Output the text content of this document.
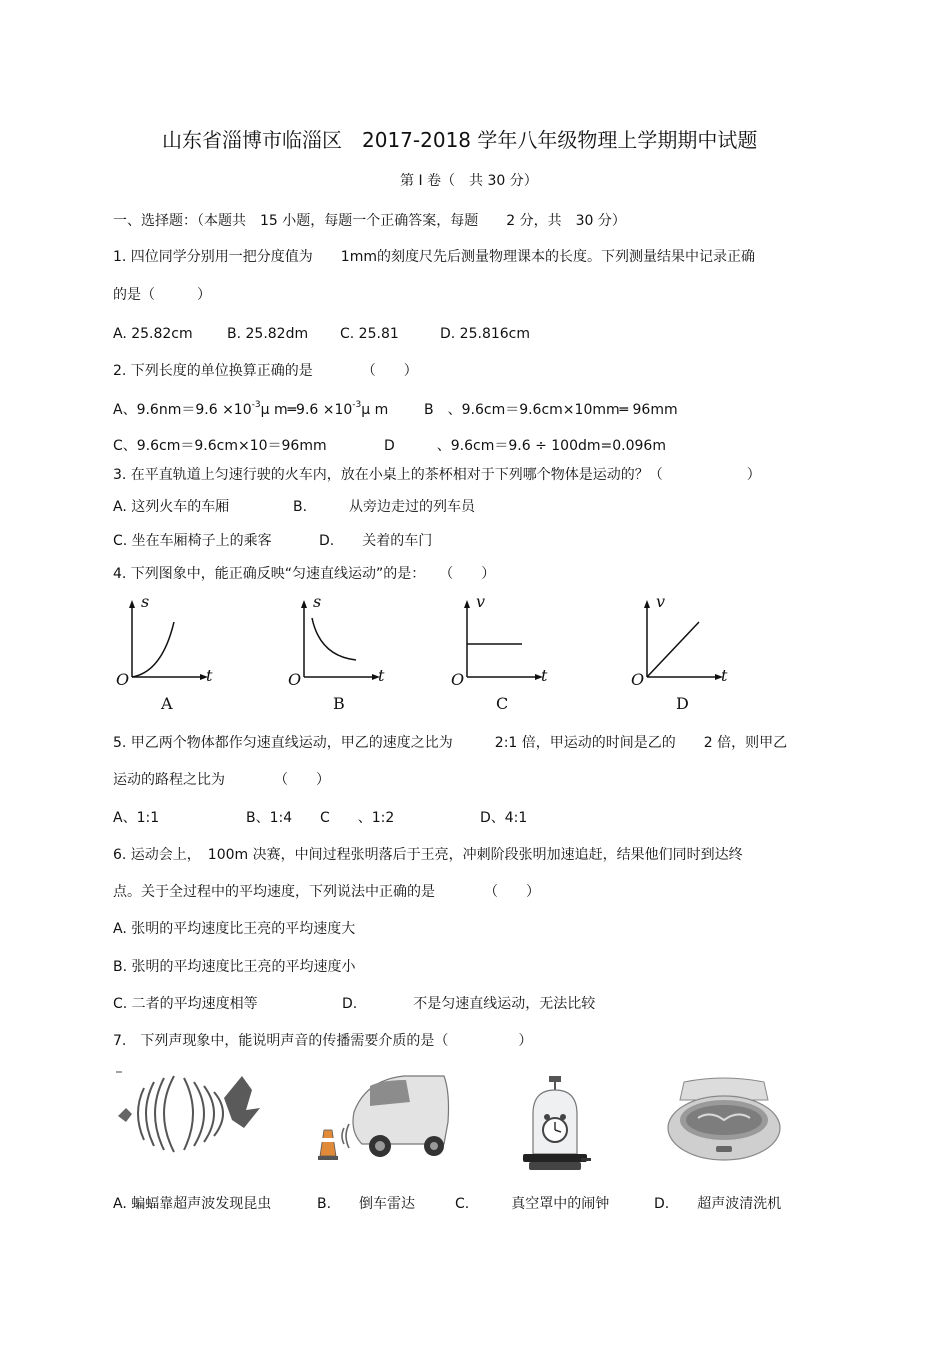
山东省淄博市临淄区　2017-2018 学年八年级物理上学期期中试题
第 Ⅰ 卷（　共 30 分）
一、选择题：（本题共　15 小题，每题一个正确答案，每题　　2 分，共　30 分）
1. 四位同学分别用一把分度值为　　1mm的刻度尺先后测量物理课本的长度。下列测量结果中记录正确
的是（　　　）
A. 25.82cm B. 25.82dm C. 25.81	D. 25.816cm
2. 下列长度的单位换算正确的是　　　　（　　）
A、$9.6nm=9.6 \times 10^{-3}\mu$ m═9.6 $\times 10^{-3}\mu$ m	B　、9.6cm＝9.6cm×10mm═ 96mm
C、9.6cm＝9.6cm×10＝96mm	D　　　、9.6cm＝9.6 ÷ 100dm=0.096m
3. 在平直轨道上匀速行驶的火车内，放在小桌上的茶杯相对于下列哪个物体是运动的？（　　　　　　）
A. 这列火车的车厢	B.　　　从旁边走过的列车员
C. 坐在车厢椅子上的乘客	D.　　关着的车门
4. 下列图象中，能正确反映“匀速直线运动”的是：　　（　　）
s
t
O
A
s
t
O
B
v
t
O
C
v
t
O
D
5. 甲乙两个物体都作匀速直线运动，甲乙的速度之比为　　　2:1 倍，甲运动的时间是乙的　　2 倍，则甲乙
运动的路程之比为　　　　（　　）
A、1:1	B、1:4 C　　、1:2	D、4:1
6. 运动会上，　100m 决赛，中间过程张明落后于王亮，冲刺阶段张明加速追赶，结果他们同时到达终
点。关于全过程中的平均速度，下列说法中正确的是　　　　（　　）
A. 张明的平均速度比王亮的平均速度大
B. 张明的平均速度比王亮的平均速度小
C. 二者的平均速度相等	D.　　　　不是匀速直线运动，无法比较
7.　下列声现象中，能说明声音的传播需要介质的是（　　　　　）
A. 蝙蝠靠超声波发现昆虫	B.　　倒车雷达	C.　　　真空罩中的闹钟	D.　　超声波清洗机
